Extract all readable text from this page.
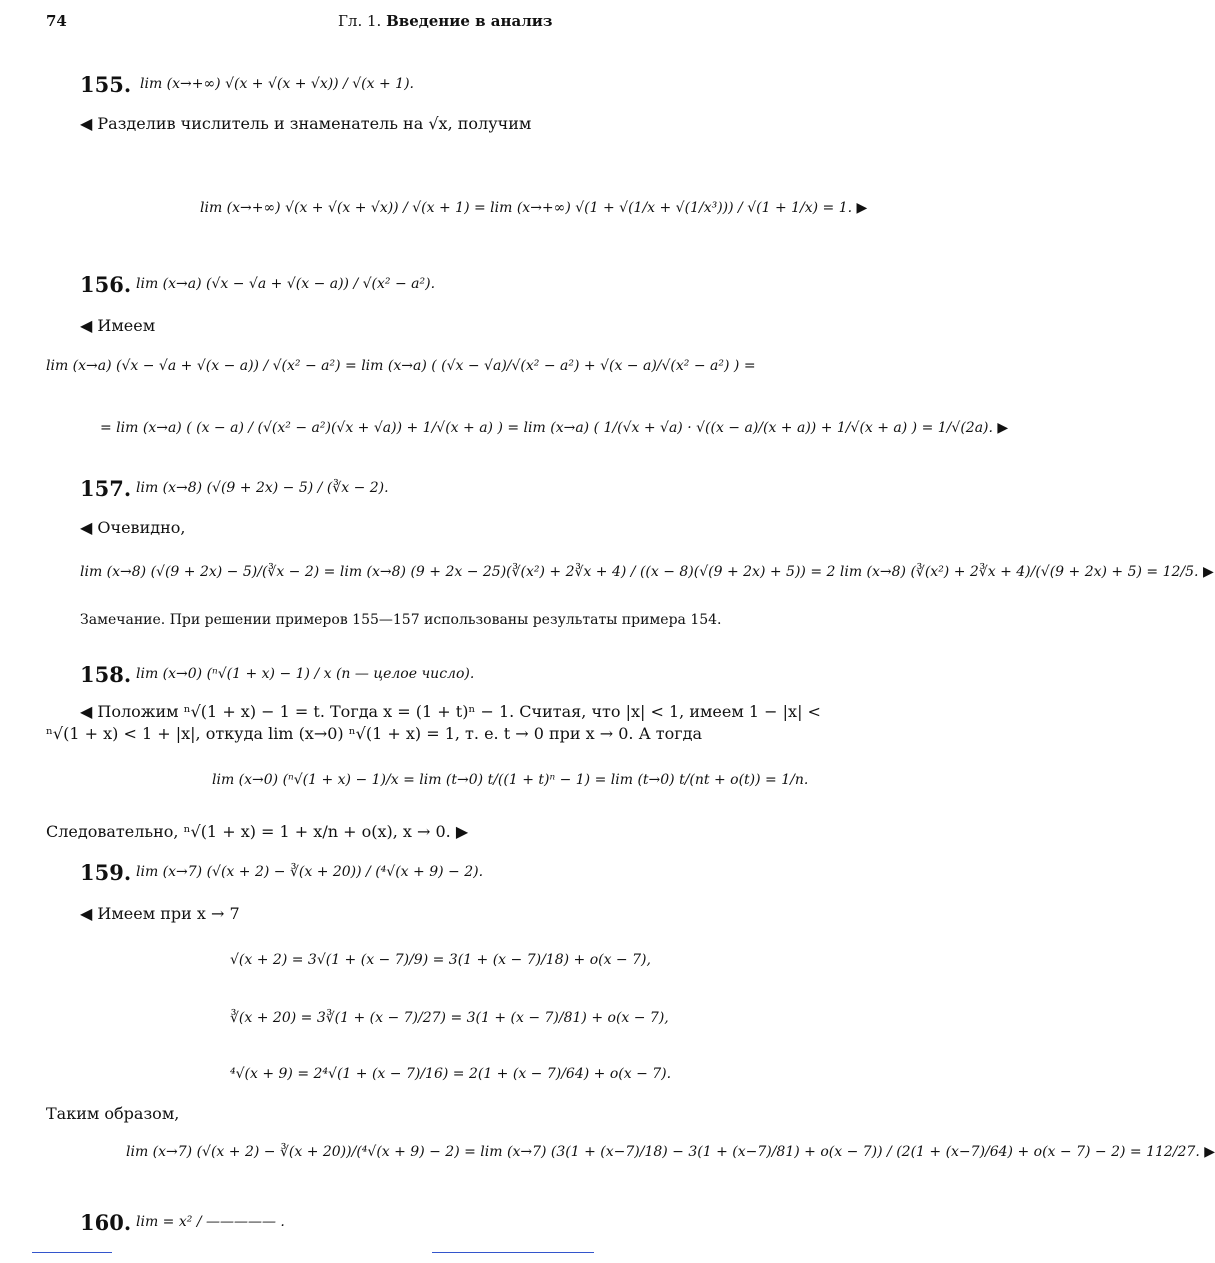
74	Гл. 1. Введение в анализ
155. lim (x→+∞) √(x + √(x + √x)) / √(x + 1).
◀ Разделив числитель и знаменатель на √x, получим
lim (x→+∞) √(x + √(x + √x)) / √(x + 1) = lim (x→+∞) √(1 + √(1/x + √(1/x³))) / √(1 + 1/x) = 1. ▶
156. lim (x→a) (√x − √a + √(x − a)) / √(x² − a²).
◀ Имеем
lim (x→a) (√x − √a + √(x − a)) / √(x² − a²) = lim (x→a) ( (√x − √a)/√(x² − a²) + √(x − a)/√(x² − a²) ) =
= lim (x→a) ( (x − a) / (√(x² − a²)(√x + √a)) + 1/√(x + a) ) = lim (x→a) ( 1/(√x + √a) · √((x − a)/(x + a)) + 1/√(x + a) ) = 1/√(2a). ▶
157. lim (x→8) (√(9 + 2x) − 5) / (∛x − 2).
◀ Очевидно,
lim (x→8) (√(9 + 2x) − 5)/(∛x − 2) = lim (x→8) (9 + 2x − 25)(∛(x²) + 2∛x + 4) / ((x − 8)(√(9 + 2x) + 5)) = 2 lim (x→8) (∛(x²) + 2∛x + 4)/(√(9 + 2x) + 5) = 12/5. ▶
Замечание. При решении примеров 155—157 использованы результаты примера 154.
158. lim (x→0) (ⁿ√(1 + x) − 1) / x (n — целое число).
◀ Положим ⁿ√(1 + x) − 1 = t. Тогда x = (1 + t)ⁿ − 1. Считая, что |x| < 1, имеем 1 − |x| <
ⁿ√(1 + x) < 1 + |x|, откуда lim (x→0) ⁿ√(1 + x) = 1, т. е. t → 0 при x → 0. А тогда
lim (x→0) (ⁿ√(1 + x) − 1)/x = lim (t→0) t/((1 + t)ⁿ − 1) = lim (t→0) t/(nt + o(t)) = 1/n.
Следовательно, ⁿ√(1 + x) = 1 + x/n + o(x), x → 0. ▶
159. lim (x→7) (√(x + 2) − ∛(x + 20)) / (⁴√(x + 9) − 2).
◀ Имеем при x → 7
√(x + 2) = 3√(1 + (x − 7)/9) = 3(1 + (x − 7)/18) + o(x − 7),
∛(x + 20) = 3∛(1 + (x − 7)/27) = 3(1 + (x − 7)/81) + o(x − 7),
⁴√(x + 9) = 2⁴√(1 + (x − 7)/16) = 2(1 + (x − 7)/64) + o(x − 7).
Таким образом,
lim (x→7) (√(x + 2) − ∛(x + 20))/(⁴√(x + 9) − 2) = lim (x→7) (3(1 + (x−7)/18) − 3(1 + (x−7)/81) + o(x − 7)) / (2(1 + (x−7)/64) + o(x − 7) − 2) = 112/27. ▶
160. lim = x² / ————— .
